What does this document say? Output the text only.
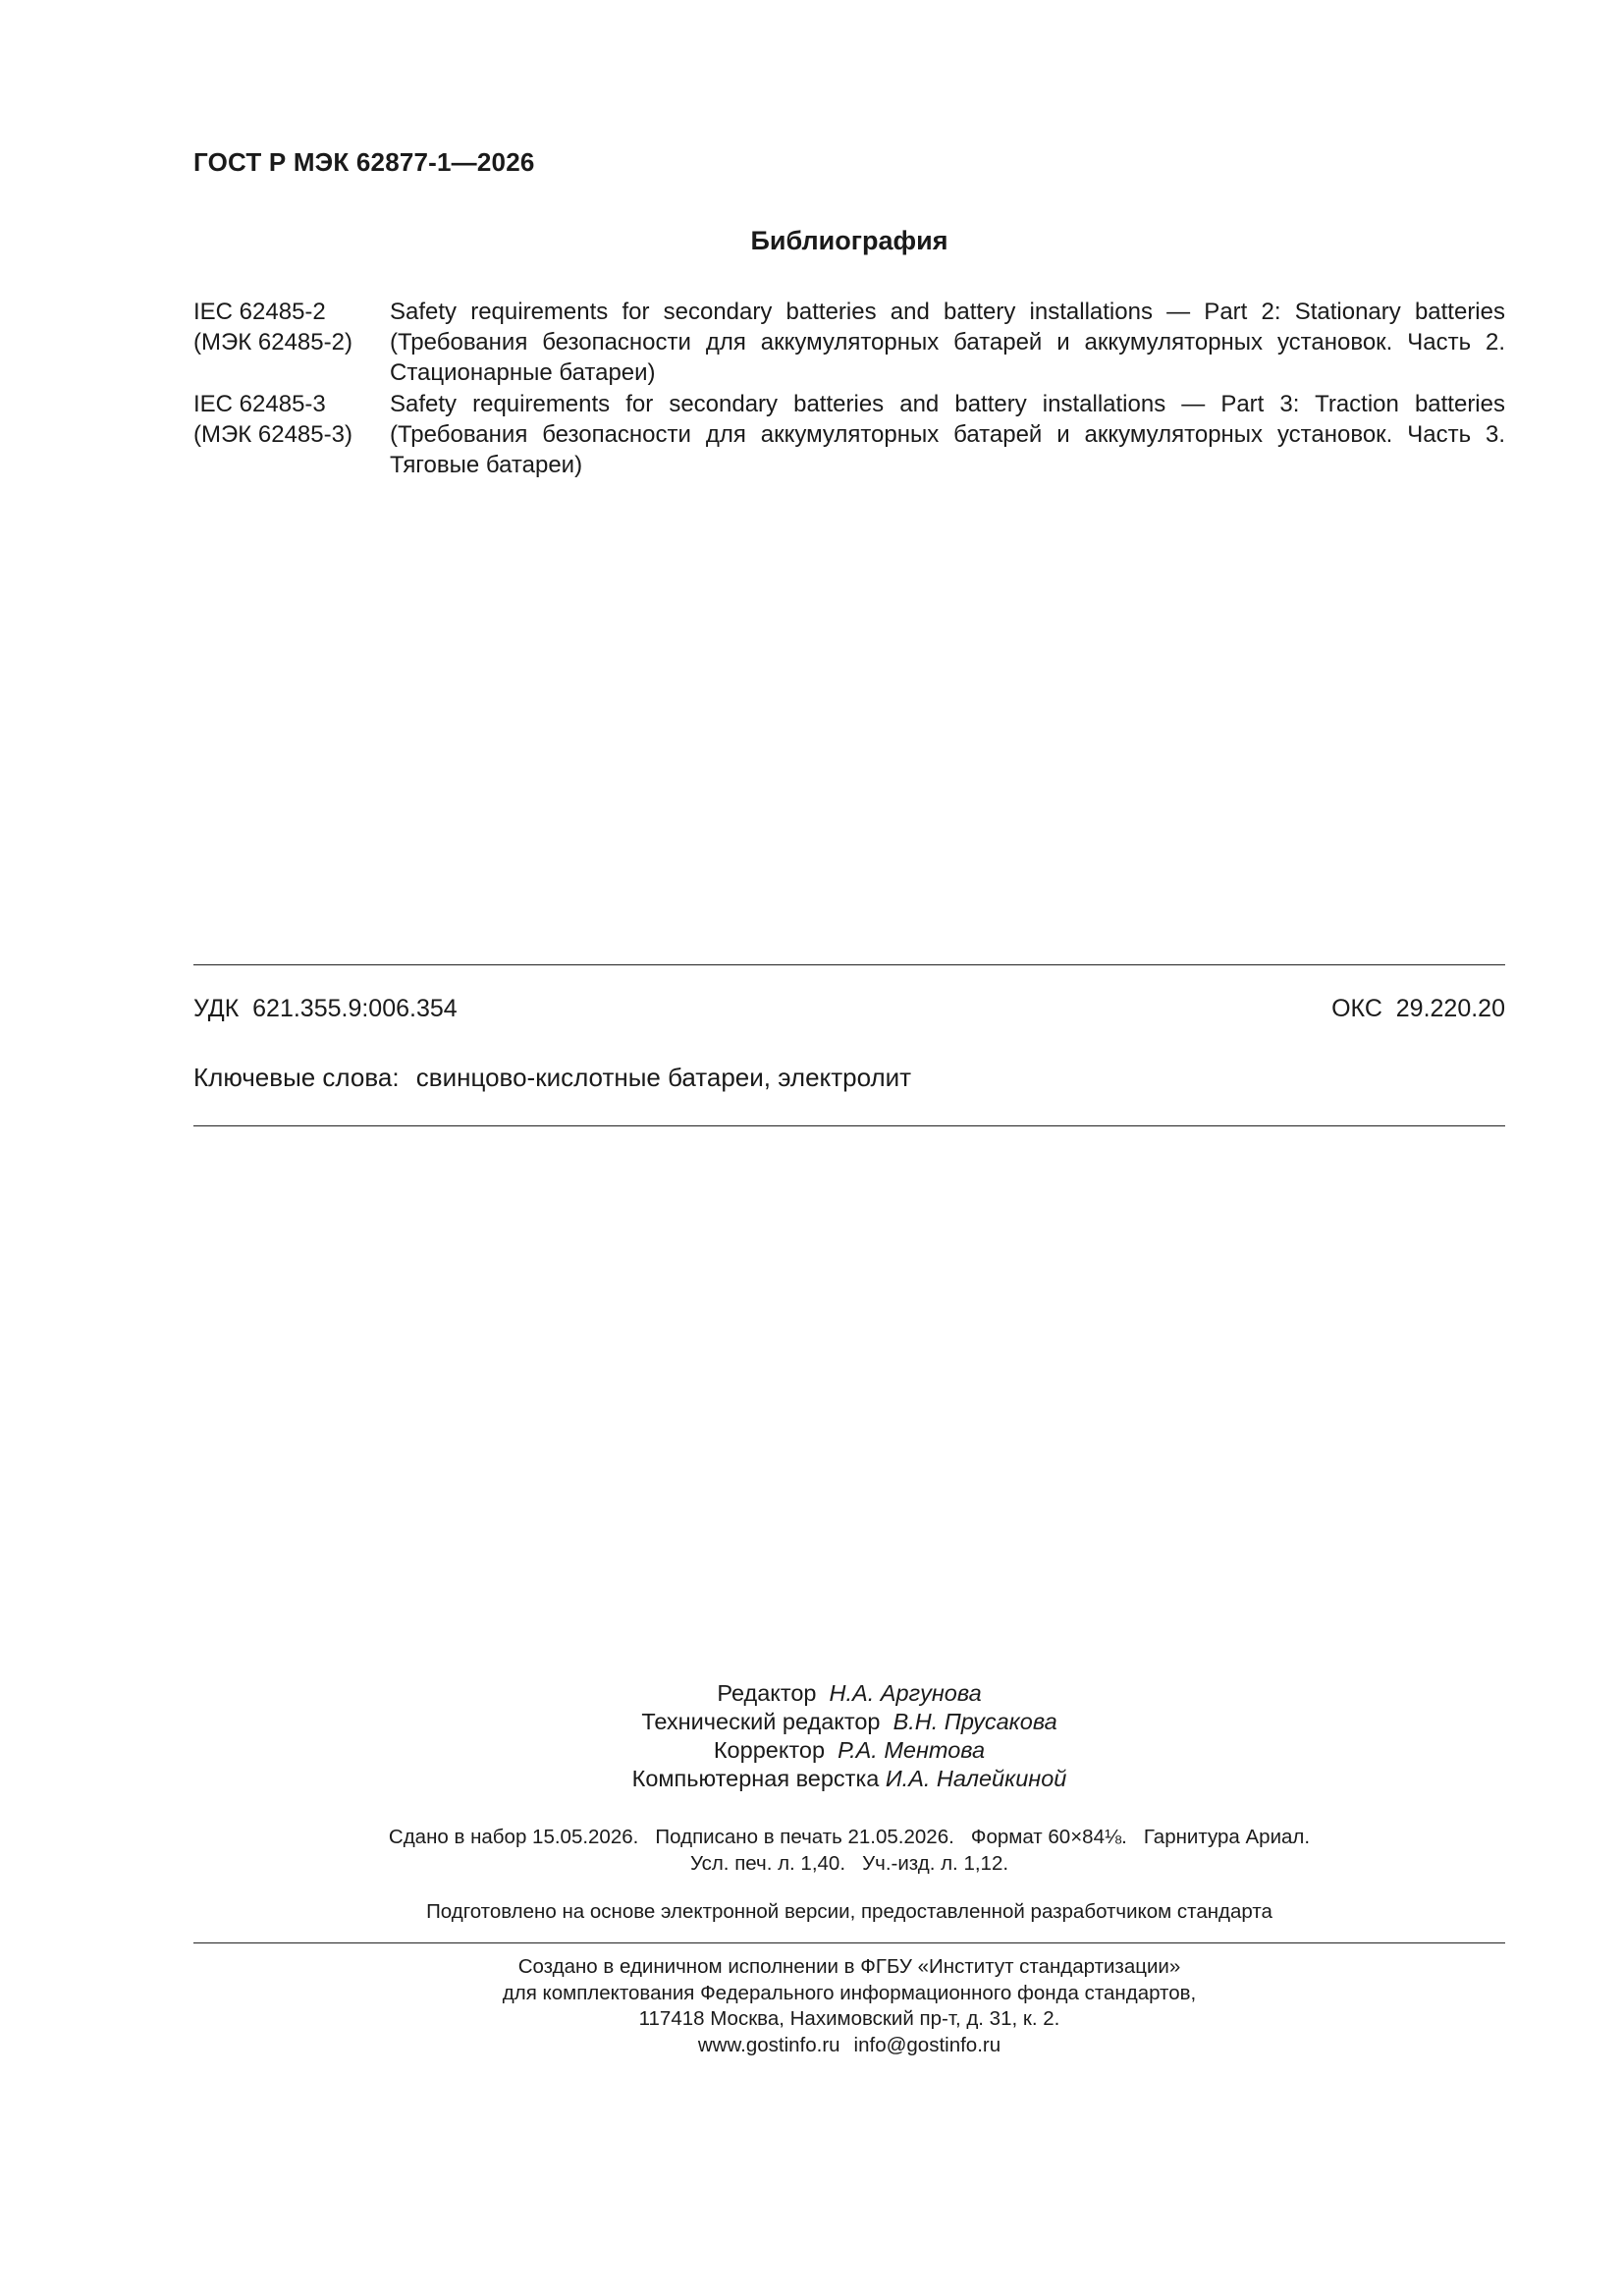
ГОСТ Р МЭК 62877-1—2026
Библиография
IEC 62485-2
(МЭК 62485-2)
Safety requirements for secondary batteries and battery installations — Part 2: Stationary batteries (Требования безопасности для аккумуляторных батарей и аккумуляторных установок. Часть 2. Стационарные батареи)
IEC 62485-3
(МЭК 62485-3)
Safety requirements for secondary batteries and battery installations — Part 3: Traction batteries (Требования безопасности для аккумуляторных батарей и аккумуляторных установок. Часть 3. Тяговые батареи)
УДК  621.355.9:006.354	ОКС  29.220.20
Ключевые слова: свинцово-кислотные батареи, электролит
Редактор Н.А. Аргунова
Технический редактор В.Н. Прусакова
Корректор Р.А. Ментова
Компьютерная верстка И.А. Налейкиной
Сдано в набор 15.05.2026.   Подписано в печать 21.05.2026.   Формат 60×84⅛.   Гарнитура Ариал.
Усл. печ. л. 1,40.   Уч.-изд. л. 1,12.
Подготовлено на основе электронной версии, предоставленной разработчиком стандарта
Создано в единичном исполнении в ФГБУ «Институт стандартизации»
для комплектования Федерального информационного фонда стандартов,
117418 Москва, Нахимовский пр-т, д. 31, к. 2.
www.gostinfo.ru info@gostinfo.ru
